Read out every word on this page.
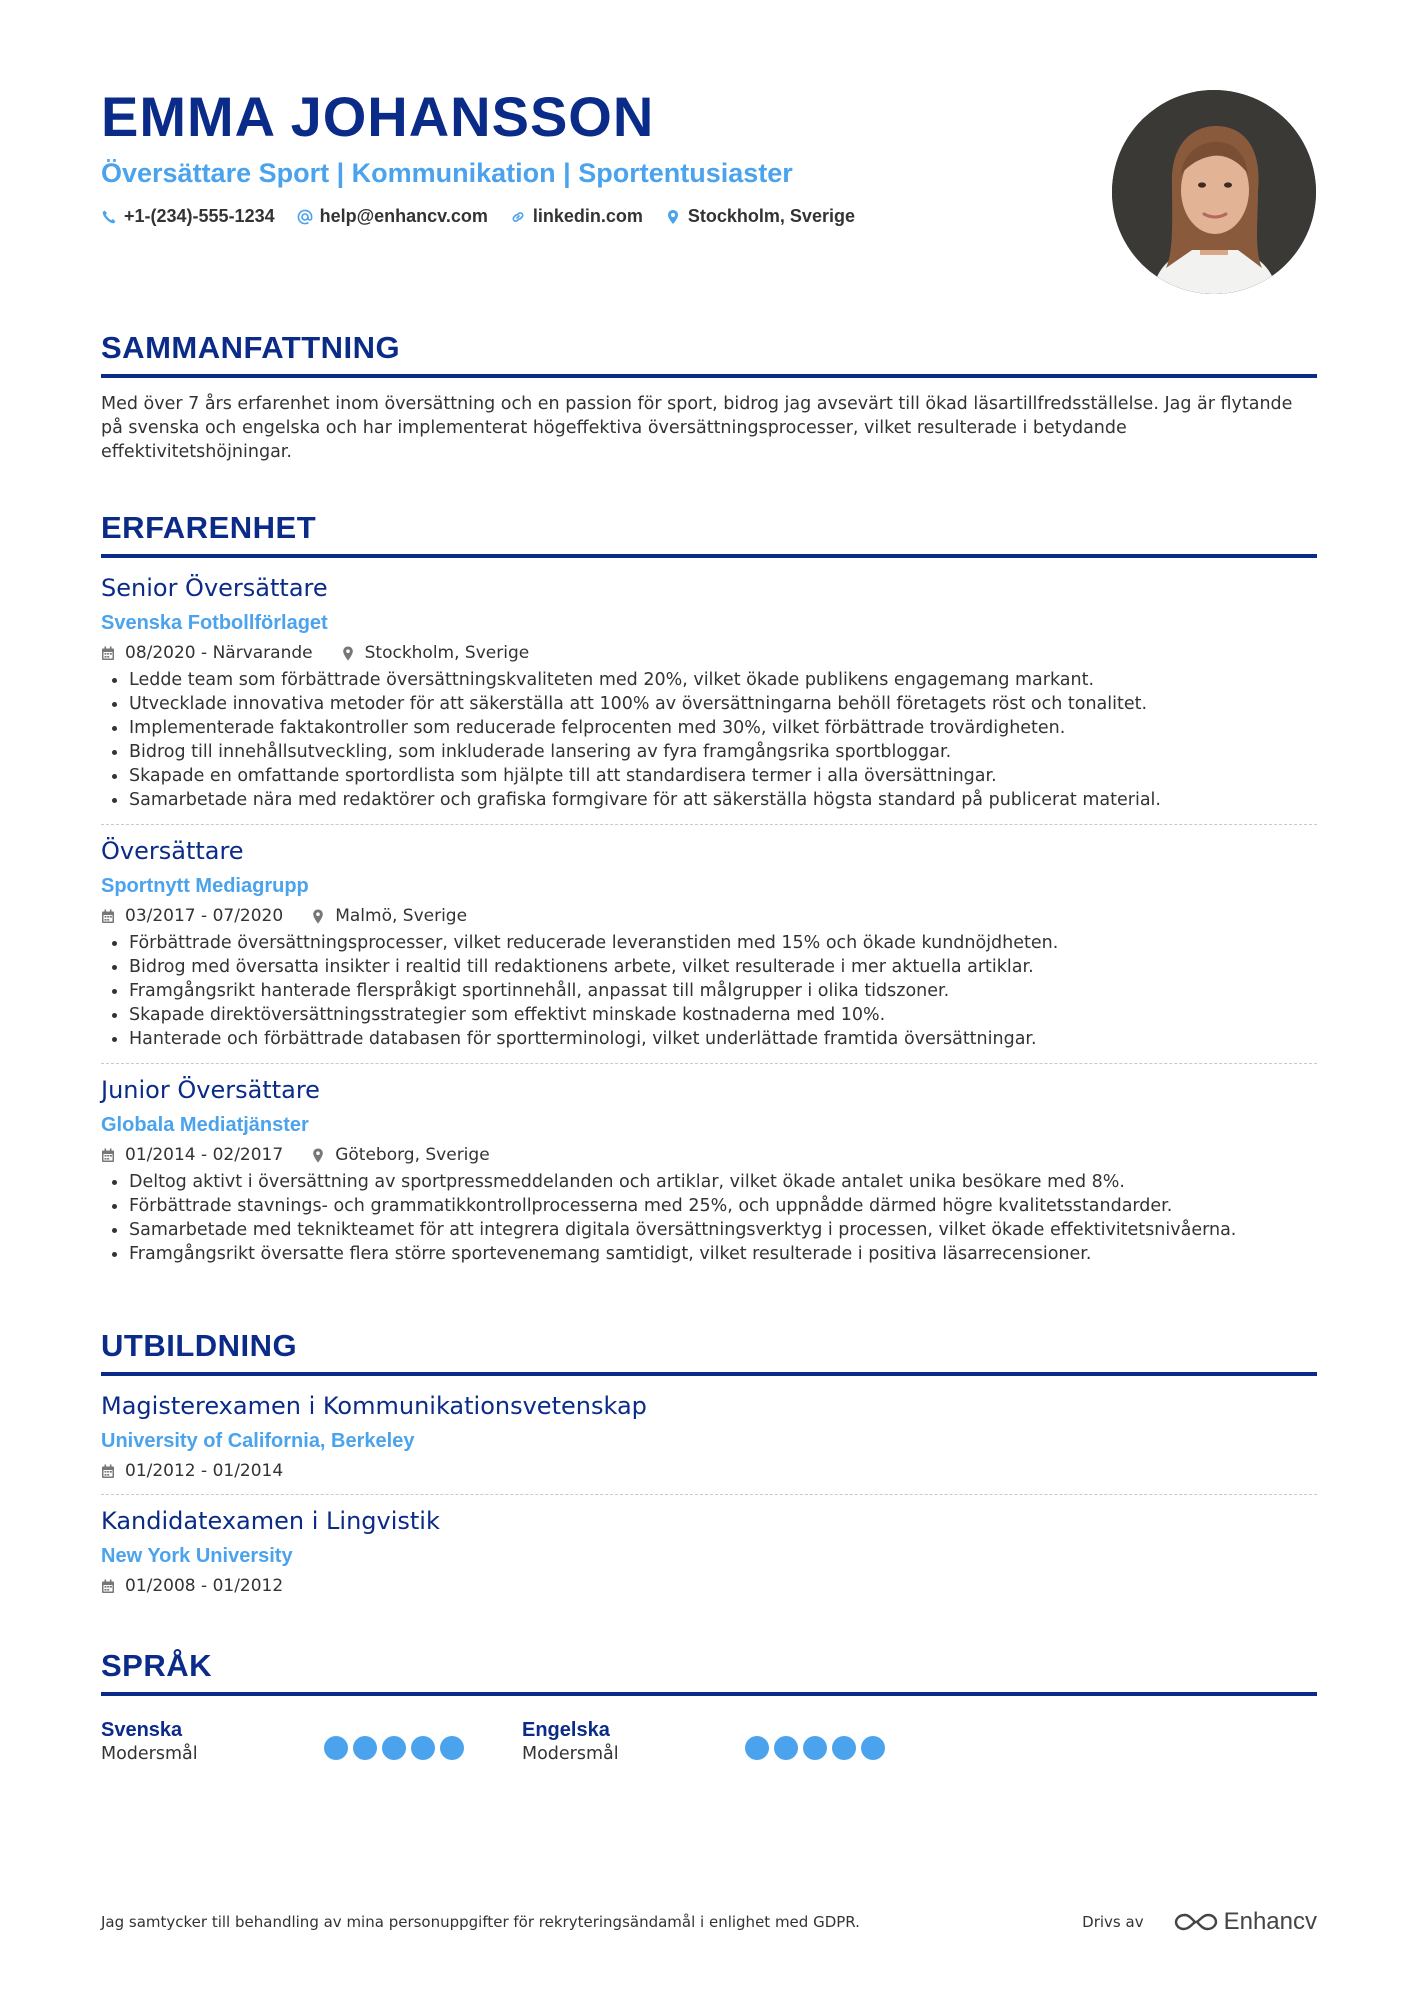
EMMA JOHANSSON
Översättare Sport | Kommunikation | Sportentusiaster
+1-(234)-555-1234	help@enhancv.com	linkedin.com	Stockholm, Sverige
SAMMANFATTNING
Med över 7 års erfarenhet inom översättning och en passion för sport, bidrog jag avsevärt till ökad läsartillfredsställelse. Jag är flytande på svenska och engelska och har implementerat högeffektiva översättningsprocesser, vilket resulterade i betydande effektivitetshöjningar.
ERFARENHET
Senior Översättare
Svenska Fotbollförlaget
08/2020 - Närvarande	Stockholm, Sverige
Ledde team som förbättrade översättningskvaliteten med 20%, vilket ökade publikens engagemang markant.
Utvecklade innovativa metoder för att säkerställa att 100% av översättningarna behöll företagets röst och tonalitet.
Implementerade faktakontroller som reducerade felprocenten med 30%, vilket förbättrade trovärdigheten.
Bidrog till innehållsutveckling, som inkluderade lansering av fyra framgångsrika sportbloggar.
Skapade en omfattande sportordlista som hjälpte till att standardisera termer i alla översättningar.
Samarbetade nära med redaktörer och grafiska formgivare för att säkerställa högsta standard på publicerat material.
Översättare
Sportnytt Mediagrupp
03/2017 - 07/2020	Malmö, Sverige
Förbättrade översättningsprocesser, vilket reducerade leveranstiden med 15% och ökade kundnöjdheten.
Bidrog med översatta insikter i realtid till redaktionens arbete, vilket resulterade i mer aktuella artiklar.
Framgångsrikt hanterade flerspråkigt sportinnehåll, anpassat till målgrupper i olika tidszoner.
Skapade direktöversättningsstrategier som effektivt minskade kostnaderna med 10%.
Hanterade och förbättrade databasen för sportterminologi, vilket underlättade framtida översättningar.
Junior Översättare
Globala Mediatjänster
01/2014 - 02/2017	Göteborg, Sverige
Deltog aktivt i översättning av sportpressmeddelanden och artiklar, vilket ökade antalet unika besökare med 8%.
Förbättrade stavnings- och grammatikkontrollprocesserna med 25%, och uppnådde därmed högre kvalitetsstandarder.
Samarbetade med teknikteamet för att integrera digitala översättningsverktyg i processen, vilket ökade effektivitetsnivåerna.
Framgångsrikt översatte flera större sportevenemang samtidigt, vilket resulterade i positiva läsarrecensioner.
UTBILDNING
Magisterexamen i Kommunikationsvetenskap
University of California, Berkeley
01/2012 - 01/2014
Kandidatexamen i Lingvistik
New York University
01/2008 - 01/2012
SPRÅK
Svenska
Modersmål
Engelska
Modersmål
Jag samtycker till behandling av mina personuppgifter för rekryteringsändamål i enlighet med GDPR.	Drivs av	Enhancv
